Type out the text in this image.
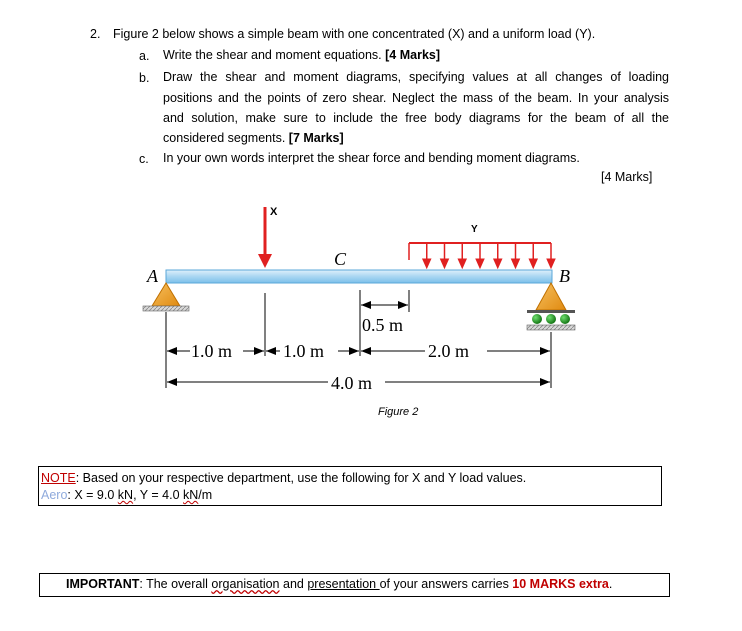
2. Figure 2 below shows a simple beam with one concentrated (X) and a uniform load (Y).
a. Write the shear and moment equations. [4 Marks]
b. Draw the shear and moment diagrams, specifying values at all changes of loading
positions and the points of zero shear. Neglect the mass of the beam. In your analysis
and solution, make sure to include the free body diagrams for the beam of all the
considered segments. [7 Marks]
c. In your own words interpret the shear force and bending moment diagrams.
[4 Marks]
A	B
C
X
Y
0.5 m
1.0 m	1.0 m	2.0 m
4.0 m
Figure 2
NOTE: Based on your respective department, use the following for X and Y load values.
Aero: X = 9.0 kN, Y = 4.0 kN/m
IMPORTANT: The overall organisation and presentation of your answers carries 10 MARKS extra.
